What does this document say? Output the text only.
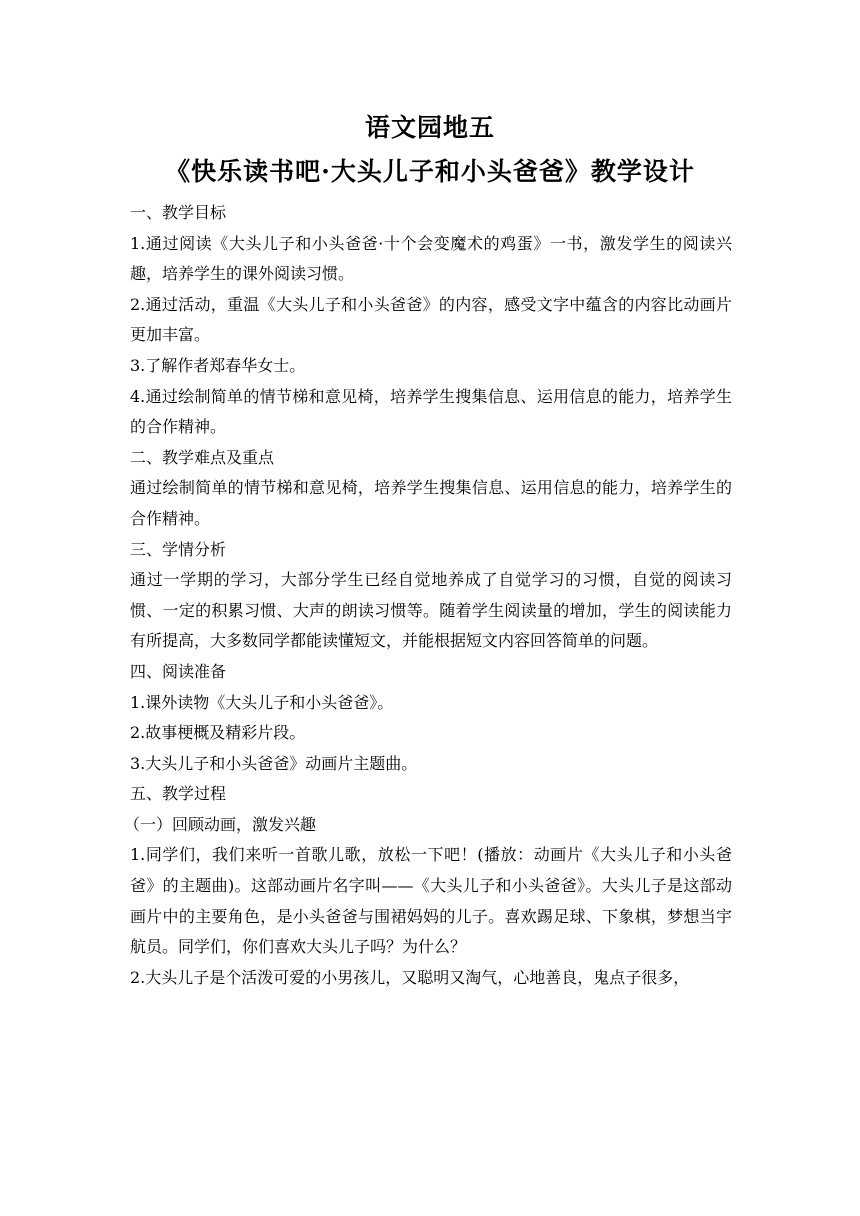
语文园地五
《快乐读书吧·大头儿子和小头爸爸》教学设计

一、教学目标

1.通过阅读《大头儿子和小头爸爸·十个会变魔术的鸡蛋》一书，激发学生的阅读兴趣，培养学生的课外阅读习惯。

2.通过活动，重温《大头儿子和小头爸爸》的内容，感受文字中蕴含的内容比动画片更加丰富。

3.了解作者郑春华女士。

4.通过绘制简单的情节梯和意见椅，培养学生搜集信息、运用信息的能力，培养学生的合作精神。

二、教学难点及重点

通过绘制简单的情节梯和意见椅，培养学生搜集信息、运用信息的能力，培养学生的合作精神。

三、学情分析

通过一学期的学习，大部分学生已经自觉地养成了自觉学习的习惯，自觉的阅读习惯、一定的积累习惯、大声的朗读习惯等。随着学生阅读量的增加，学生的阅读能力有所提高，大多数同学都能读懂短文，并能根据短文内容回答简单的问题。

四、阅读准备

1.课外读物《大头儿子和小头爸爸》。

2.故事梗概及精彩片段。

3.大头儿子和小头爸爸》动画片主题曲。

五、教学过程

（一）回顾动画，激发兴趣

1.同学们，我们来听一首歌儿歌，放松一下吧！(播放：动画片《大头儿子和小头爸爸》的主题曲)。这部动画片名字叫——《大头儿子和小头爸爸》。大头儿子是这部动画片中的主要角色，是小头爸爸与围裙妈妈的儿子。喜欢踢足球、下象棋，梦想当宇航员。同学们，你们喜欢大头儿子吗？为什么？

2.大头儿子是个活泼可爱的小男孩儿，又聪明又淘气，心地善良，鬼点子很多，
